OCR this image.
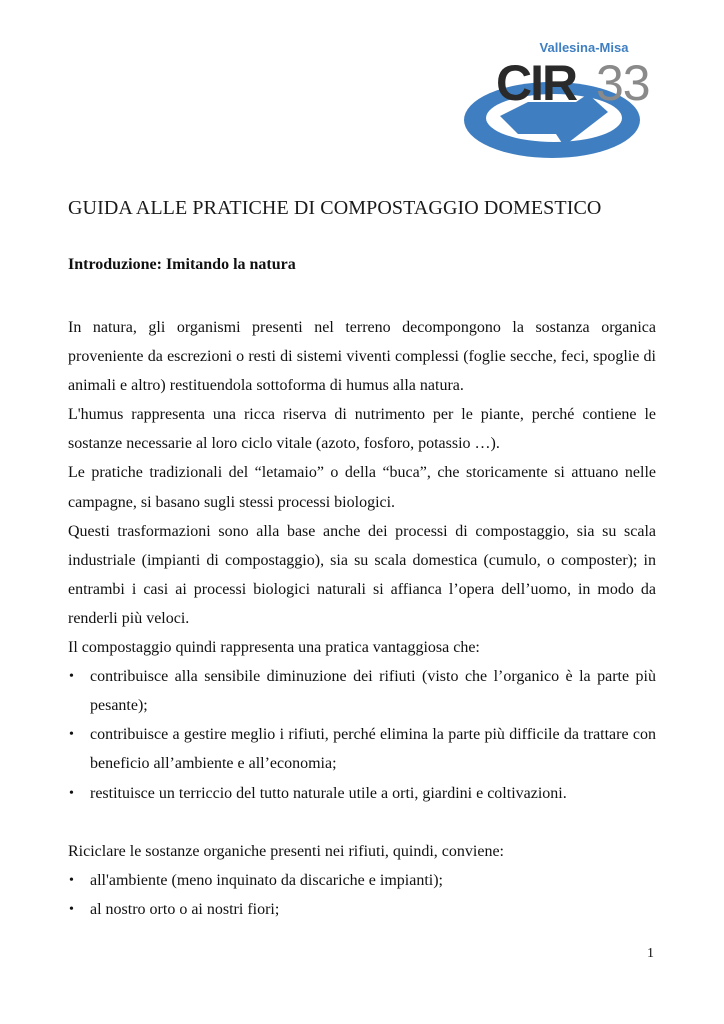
Vallesina-Misa
CIR 33
GUIDA ALLE PRATICHE DI COMPOSTAGGIO DOMESTICO
Introduzione: Imitando la natura

In natura, gli organismi presenti nel terreno decompongono la sostanza organica proveniente da escrezioni o resti di sistemi viventi complessi (foglie secche, feci, spoglie di animali e altro) restituendola sottoforma di humus alla natura.

L'humus rappresenta una ricca riserva di nutrimento per le piante, perché contiene le sostanze necessarie al loro ciclo vitale (azoto, fosforo, potassio …).

Le pratiche tradizionali del “letamaio” o della “buca”, che storicamente si attuano nelle campagne, si basano sugli stessi processi biologici.

Questi trasformazioni sono alla base anche dei processi di compostaggio, sia su scala industriale (impianti di compostaggio), sia su scala domestica (cumulo, o composter); in entrambi i casi ai processi biologici naturali si affianca l’opera dell’uomo, in modo da renderli più veloci.

Il compostaggio quindi rappresenta una pratica vantaggiosa che:

• contribuisce alla sensibile diminuzione dei rifiuti (visto che l’organico è la parte più pesante);
• contribuisce a gestire meglio i rifiuti, perché elimina la parte più difficile da trattare con beneficio all’ambiente e all’economia;
• restituisce un terriccio del tutto naturale utile a orti, giardini e coltivazioni.

Riciclare le sostanze organiche presenti nei rifiuti, quindi, conviene:

• all'ambiente (meno inquinato da discariche e impianti);
• al nostro orto o ai nostri fiori;
1
